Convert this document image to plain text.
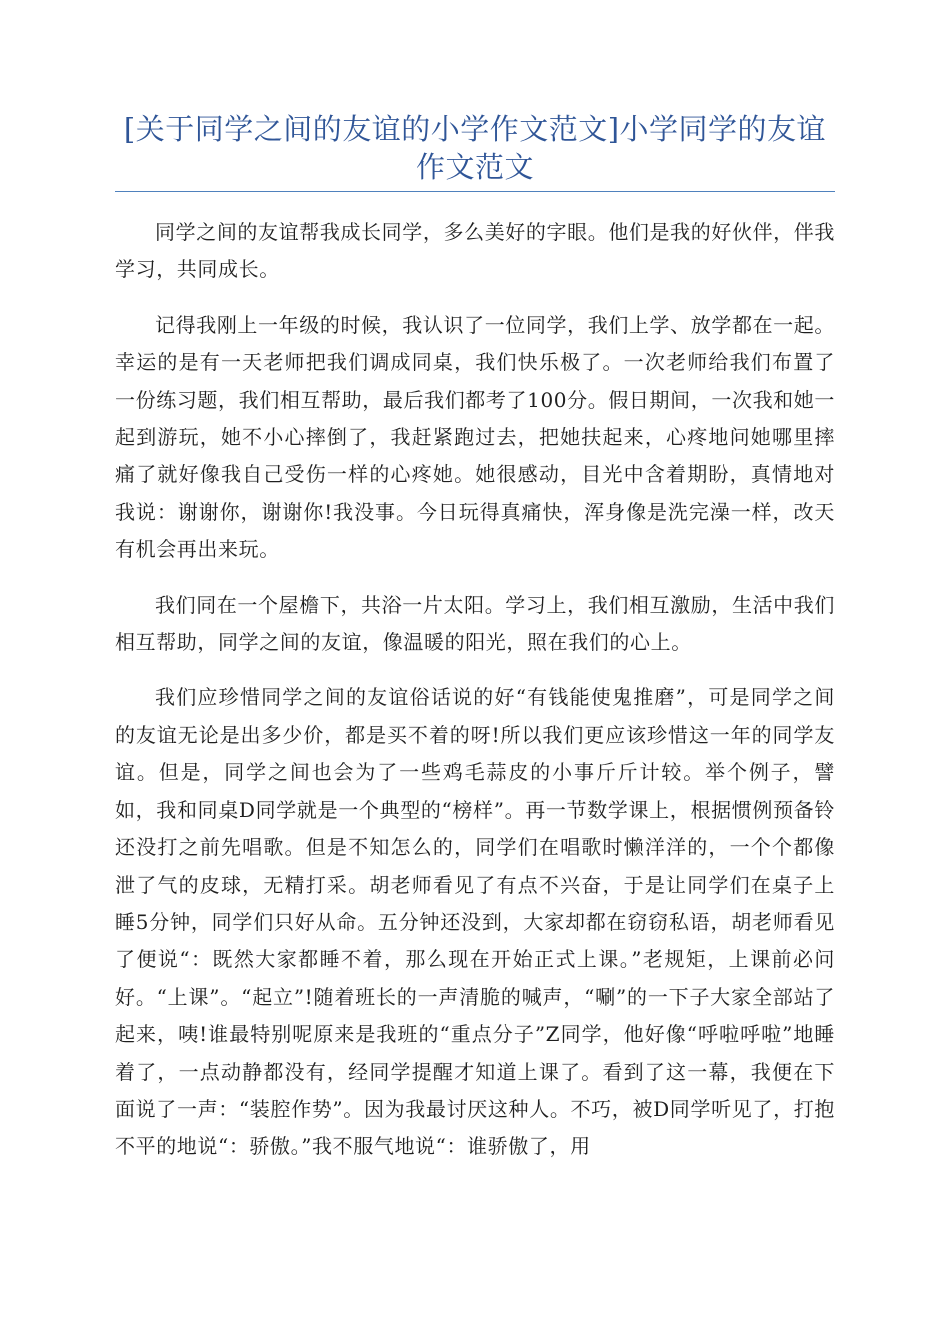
[关于同学之间的友谊的小学作文范文]小学同学的友谊作文范文

同学之间的友谊帮我成长同学，多么美好的字眼。他们是我的好伙伴，伴我学习，共同成长。

记得我刚上一年级的时候，我认识了一位同学，我们上学、放学都在一起。幸运的是有一天老师把我们调成同桌，我们快乐极了。一次老师给我们布置了一份练习题，我们相互帮助，最后我们都考了100分。假日期间，一次我和她一起到游玩，她不小心摔倒了，我赶紧跑过去，把她扶起来，心疼地问她哪里摔痛了就好像我自己受伤一样的心疼她。她很感动，目光中含着期盼，真情地对我说：谢谢你，谢谢你!我没事。今日玩得真痛快，浑身像是洗完澡一样，改天有机会再出来玩。

我们同在一个屋檐下，共浴一片太阳。学习上，我们相互激励，生活中我们相互帮助，同学之间的友谊，像温暖的阳光，照在我们的心上。

我们应珍惜同学之间的友谊俗话说的好“有钱能使鬼推磨”，可是同学之间的友谊无论是出多少价，都是买不着的呀!所以我们更应该珍惜这一年的同学友谊。但是，同学之间也会为了一些鸡毛蒜皮的小事斤斤计较。举个例子，譬如，我和同桌D同学就是一个典型的“榜样”。再一节数学课上，根据惯例预备铃还没打之前先唱歌。但是不知怎么的，同学们在唱歌时懒洋洋的，一个个都像泄了气的皮球，无精打采。胡老师看见了有点不兴奋，于是让同学们在桌子上睡5分钟，同学们只好从命。五分钟还没到，大家却都在窃窃私语，胡老师看见了便说“：既然大家都睡不着，那么现在开始正式上课。”老规矩，上课前必问好。“上课”。“起立”!随着班长的一声清脆的喊声，“唰”的一下子大家全部站了起来，咦!谁最特别呢原来是我班的“重点分子”Z同学，他好像“呼啦呼啦”地睡着了，一点动静都没有，经同学提醒才知道上课了。看到了这一幕，我便在下面说了一声：“装腔作势”。因为我最讨厌这种人。不巧，被D同学听见了，打抱不平的地说“：骄傲。”我不服气地说“：谁骄傲了，用
